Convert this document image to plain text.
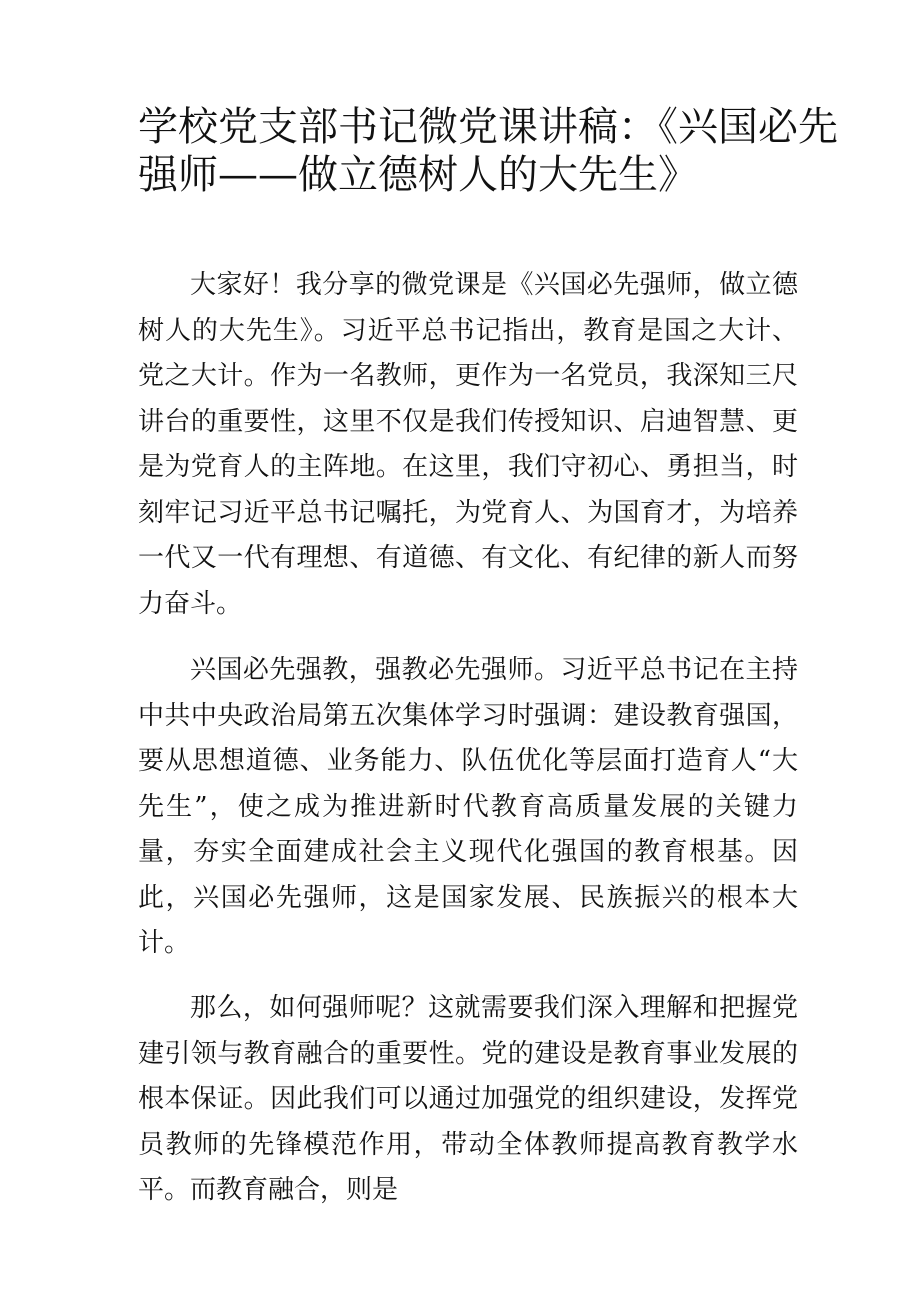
学校党支部书记微党课讲稿：《兴国必先强师——做立德树人的大先生》

大家好！我分享的微党课是《兴国必先强师，做立德树人的大先生》。习近平总书记指出，教育是国之大计、党之大计。作为一名教师，更作为一名党员，我深知三尺讲台的重要性，这里不仅是我们传授知识、启迪智慧、更是为党育人的主阵地。在这里，我们守初心、勇担当，时刻牢记习近平总书记嘱托，为党育人、为国育才，为培养一代又一代有理想、有道德、有文化、有纪律的新人而努力奋斗。

兴国必先强教，强教必先强师。习近平总书记在主持中共中央政治局第五次集体学习时强调：建设教育强国，要从思想道德、业务能力、队伍优化等层面打造育人“大先生”，使之成为推进新时代教育高质量发展的关键力量，夯实全面建成社会主义现代化强国的教育根基。因此，兴国必先强师，这是国家发展、民族振兴的根本大计。

那么，如何强师呢？这就需要我们深入理解和把握党建引领与教育融合的重要性。党的建设是教育事业发展的根本保证。因此我们可以通过加强党的组织建设，发挥党员教师的先锋模范作用，带动全体教师提高教育教学水平。而教育融合，则是
